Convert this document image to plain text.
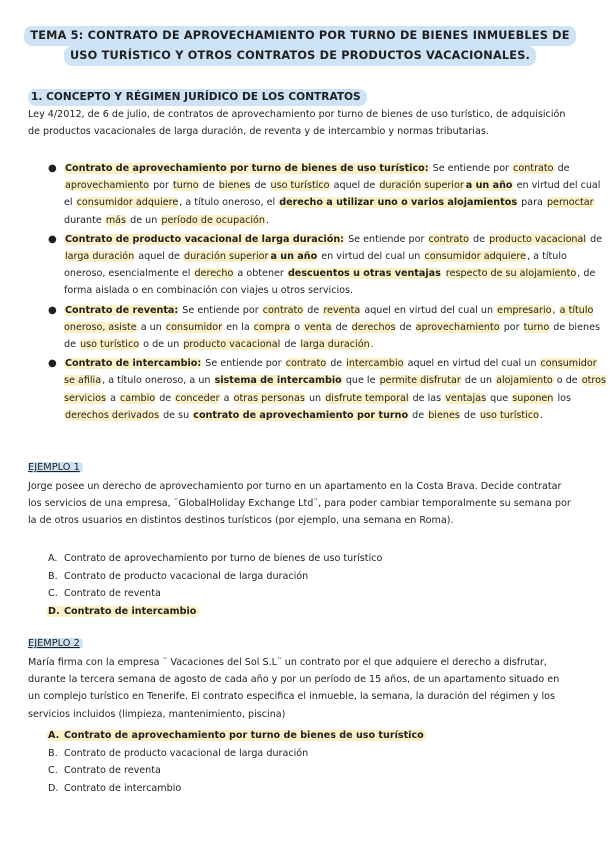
TEMA 5: CONTRATO DE APROVECHAMIENTO POR TURNO DE BIENES INMUEBLES DE
USO TURÍSTICO Y OTROS CONTRATOS DE PRODUCTOS VACACIONALES.
1. CONCEPTO Y RÉGIMEN JURÍDICO DE LOS CONTRATOS
Ley 4/2012, de 6 de julio, de contratos de aprovechamiento por turno de bienes de uso turístico, de adquisición de productos vacacionales de larga duración, de reventa y de intercambio y normas tributarias.
● Contrato de aprovechamiento por turno de bienes de uso turístico: Se entiende por contrato de aprovechamiento por turno de bienes de uso turístico aquel de duración superior a un año en virtud del cual el consumidor adquiere, a título oneroso, el derecho a utilizar uno o varios alojamientos para pernoctar durante más de un período de ocupación.
● Contrato de producto vacacional de larga duración: Se entiende por contrato de producto vacacional de larga duración aquel de duración superior a un año en virtud del cual un consumidor adquiere, a título oneroso, esencialmente el derecho a obtener descuentos u otras ventajas respecto de su alojamiento, de forma aislada o en combinación con viajes u otros servicios.
● Contrato de reventa: Se entiende por contrato de reventa aquel en virtud del cual un empresario, a título oneroso, asiste a un consumidor en la compra o venta de derechos de aprovechamiento por turno de bienes de uso turístico o de un producto vacacional de larga duración.
● Contrato de intercambio: Se entiende por contrato de intercambio aquel en virtud del cual un consumidor se afilia, a título oneroso, a un sistema de intercambio que le permite disfrutar de un alojamiento o de otros servicios a cambio de conceder a otras personas un disfrute temporal de las ventajas que suponen los derechos derivados de su contrato de aprovechamiento por turno de bienes de uso turístico.
EJEMPLO 1
Jorge posee un derecho de aprovechamiento por turno en un apartamento en la Costa Brava. Decide contratar los servicios de una empresa, ¨GlobalHoliday Exchange Ltd¨, para poder cambiar temporalmente su semana por la de otros usuarios en distintos destinos turísticos (por ejemplo, una semana en Roma).
A. Contrato de aprovechamiento por turno de bienes de uso turístico
B. Contrato de producto vacacional de larga duración
C. Contrato de reventa
D. Contrato de intercambio
EJEMPLO 2
María firma con la empresa ¨ Vacaciones del Sol S.L¨ un contrato por el que adquiere el derecho a disfrutar, durante la tercera semana de agosto de cada año y por un período de 15 años, de un apartamento situado en un complejo turístico en Tenerife. El contrato especifica el inmueble, la semana, la duración del régimen y los servicios incluidos (limpieza, mantenimiento, piscina)
A. Contrato de aprovechamiento por turno de bienes de uso turístico
B. Contrato de producto vacacional de larga duración
C. Contrato de reventa
D. Contrato de intercambio
